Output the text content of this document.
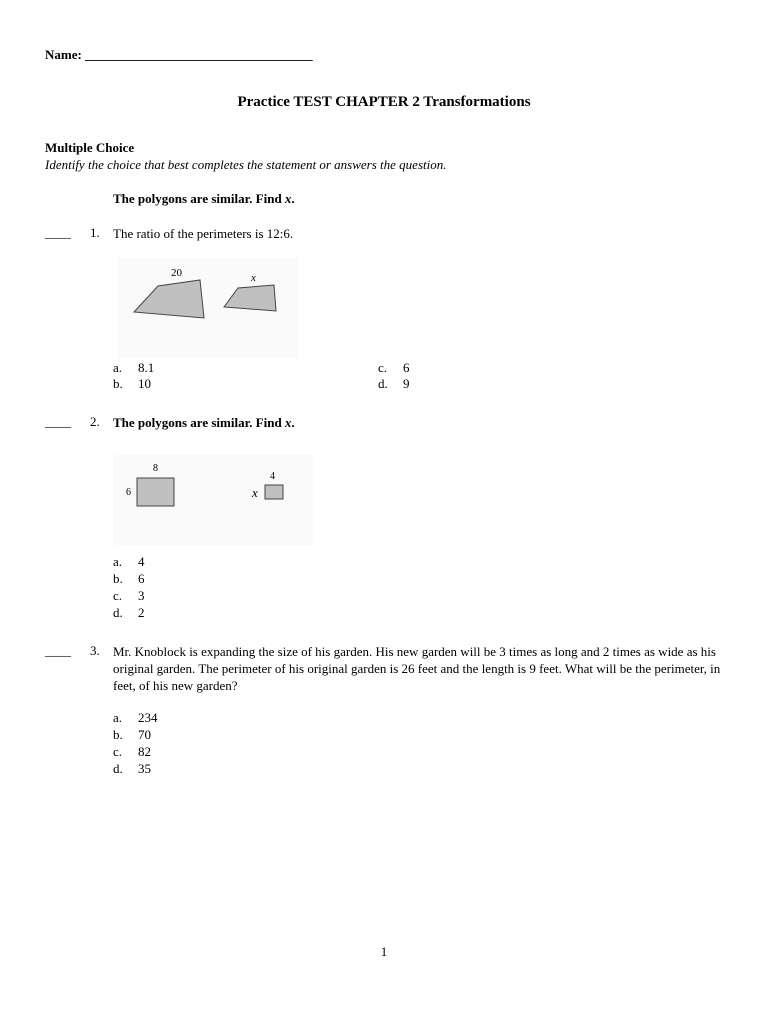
Name: ___________________________________
Practice TEST CHAPTER 2 Transformations
Multiple Choice
Identify the choice that best completes the statement or answers the question.
The polygons are similar. Find x.
____ 1. The ratio of the perimeters is 12:6.
20	x
a. 8.1
b. 10
c. 6
d. 9
____ 2. The polygons are similar. Find x.
8
6
4
x
a. 4
b. 6
c. 3
d. 2
____ 3. Mr. Knoblock is expanding the size of his garden. His new garden will be 3 times as long and 2 times as wide as his original garden. The perimeter of his original garden is 26 feet and the length is 9 feet. What will be the perimeter, in feet, of his new garden?
a. 234
b. 70
c. 82
d. 35
1
